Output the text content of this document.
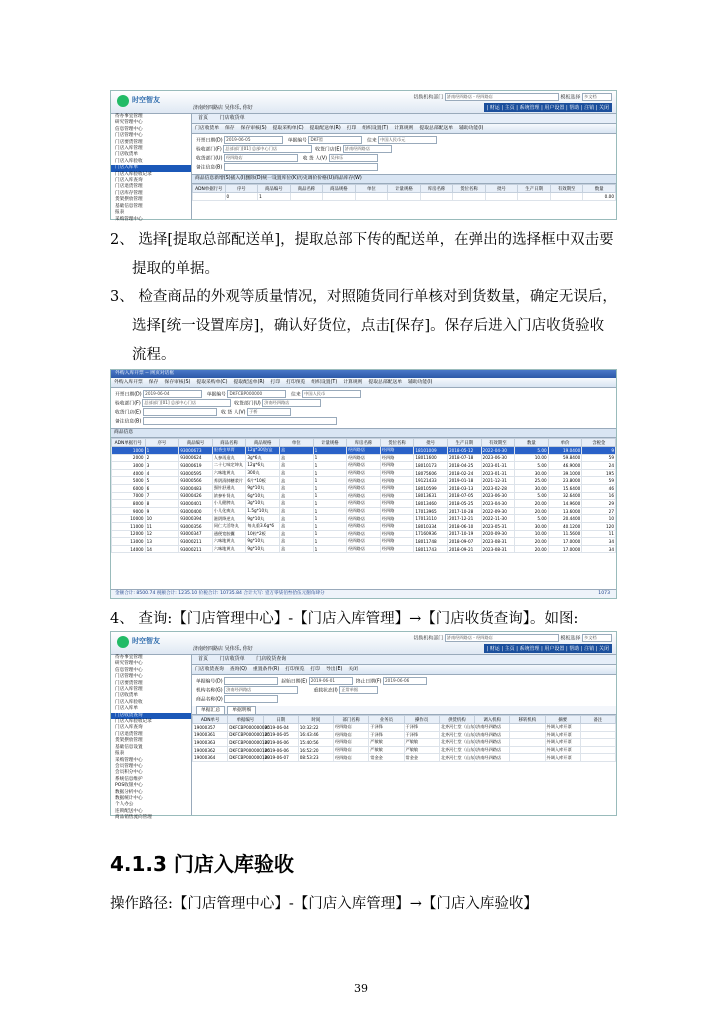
时空智友
济南经四路店 吴伟乐, 你好
切换机构部门 济南经四路店 - 经四路店	模板选择 多文档
| 财运 | 主页 | 系统管理 | 用户设置 | 帮助 | 注销 | 关闭
待办事宜管理
研究管理中心
信息管理中心
门店管理中心
门店要货管理
门店入库管理
门店收货单
门店入库验收
门店入库单
门店入库验收记录
门店入库查询
门店退货管理
门店库存管理
货架摆放管理
基础信息管理
报表
采购管理中心
首页 门店收货单
门店收货单 保存 保存审核(S) 提取采购单(C) 提取配送单(R) 打印 组织设置(T) 计算规则 提取总部配送单 辅助功能(I)
开票日期(D) 2019-06-05	单据编号 DKF暂	往来 中国人民币元
验收部门(F) 总部部门[01] 总部中心门店	收货门店(E) 济南经四路店
收货部门(U) 经四路店	收 货 人(V) 吴伟乐
备注信息(B)
商品信息新增(S)插入(I)删除(D)统一设置库位(K)历史调价价格(U)商品库存(W)
ADN单据行号	序号	商品编号	商品名称	商品规格	单位	计量规格	库房名称	货位名称	批号	生产日期	有效期至	数量
	0	1										0.00
2、 选择[提取总部配送单]，提取总部下传的配送单，在弹出的选择框中双击要
提取的单据。
3、 检查商品的外观等质量情况，对照随货同行单核对到货数量，确定无误后，
选择[统一设置库房]，确认好货位，点击[保存]。保存后进入门店收货验收
流程。
外购入库开票 -- 网页对话框
外购入库开票 保存 保存审核(S) 提取采购单(C) 提取配送单(R) 打印 打印预览 组织设置(T) 计算规则 提取总部配送单 辅助功能(I)
开票日期(D) 2019-06-04	单据编号 DKFCBP000000	往来 中国人民币
验收部门(F) 总部部门[01] 总部中心门店	收货部门(U) 济南经四路店
收货门店(E)	收 货 人(V) 于桥
备注信息(B)
商品信息
ADN单据行号	序号	商品编号	商品名称	商品规格	单位	计量规格	库房名称	货位名称	批号	生产日期	有效期至	数量	单价	含税金
1000	1	93000673	胆香虫草膏	12g*30袋/盒	盒	1	经四路店	经四路	18101009	2018-05-12	2022-04-30	5.00	19.0400	9
2000	2	93000624	人参再造丸	3g*6丸	盒	1	经四路店	经四路	18011600	2018-07-18	2023-06-30	10.00	59.8400	59
3000	3	93000619	二十七味定坤丸	12g*6丸	盒	1	经四路店	经四路	18010173	2018-04-25	2023-01-31	5.00	46.9000	24
4000	4	93000595	六味地黄丸	300丸	盒	1	经四路店	经四路	18075606	2018-02-24	2023-01-31	30.00	39.1000	195
5000	5	93000566	养阴清肺糖浆片	6片*10板	盒	1	经四路店	经四路	19121433	2019-01-18	2021-12-31	25.00	23.8000	59
6000	6	93000483	强针舒通丸	9g*10丸	盒	1	经四路店	经四路	18010599	2018-03-13	2023-02-28	30.00	15.6400	46
7000	7	93000426	浓参补肾丸	6g*10丸	盒	1	经四路店	经四路	18013631	2018-07-05	2023-06-30	5.00	32.6400	16
8000	8	93000401	小儿健脾丸	3g*10丸	盒	1	经四路店	经四路	18013460	2018-05-25	2023-04-30	20.00	14.9600	29
9000	9	93000400	小儿化痰丸	1.5g*10丸	盒	1	经四路店	经四路	17013965	2017-10-28	2022-09-30	20.00	13.6000	27
10000	10	93000394	滋阴降逆丸	9g*10丸	盒	1	经四路店	经四路	17013110	2017-12-21	2022-11-30	5.00	20.4400	10
11000	11	93000356	同仁大活络丸	每丸重3.6g*6	盒	1	经四路店	经四路	18010334	2018-06-10	2023-05-31	30.00	40.1200	120
12000	12	93000347	通便宽胶囊	10粒*2板	盒	1	经四路店	经四路	17160936	2017-10-19	2020-09-30	10.00	11.5600	11
13000	13	93000211	六味地黄丸	9g*10丸	盒	1	经四路店	经四路	18011748	2018-09-07	2023-08-31	20.00	17.0000	34
14000	14	93000211	六味地黄丸	9g*10丸	盒	1	经四路店	经四路	18011743	2018-09-21	2023-08-31	20.00	17.0000	34
金额合计: 8500.74 税额合计: 1235.10 价税合计: 10735.84 合计大写: 壹万零柒佰叁拾伍元捌角肆分	1073
4、 查询:【门店管理中心】-【门店入库管理】→【门店收货查询】。如图:
时空智友
济南经四路店 吴伟乐, 你好
切换机构部门 济南经四路店 - 经四路店	模板选择 多文档
| 财运 | 主页 | 系统管理 | 用户设置 | 帮助 | 注销 | 关闭
待办事宜管理
研究管理中心
信息管理中心
门店管理中心
门店要货管理
门店入库管理
门店收货单
门店入库验收
门店入库单
门店收货查询
门店入库验收记录
门店入库查询
门店退货管理
货架摆放管理
基础信息设置
报表
采购管理中心
会员管理中心
会员积分中心
系统信息维护
POS收银中心
数据分析中心
数据统计中心
个人办公
连锁配送中心
商品销售流向管理
首页 门店收货单 门店收货查询
门店收货查询 查询(Q) 重置条件(R) 打印预览 打印 导出(E) 关闭
单据编号(D)	起始日期(E) 2019-06-01	终止日期(F) 2019-06-06
机构名称(G) 济南经四路店	重载状态(I) 正常单据
商品名称(Q)
单据汇总	单据明细
ADN单号	单据编号	日期	时间	部门名称	业务员	操作员	供货机构	调入机构	移转机构	摘要	备注
19000357	DKFCBP000000095	2019-06-04	10:32:22	经四路店	于泽锋	于泽锋	北齐河仁堂（山东）	济南经四路店		外调入库开票	
19000361	DKFCBP000000105	2019-06-05	16:43:46	经四路店	于泽锋	于泽锋	北齐河仁堂（山东）	济南经四路店		外调入库开票	
19000363	DKFCBP000000107	2019-06-06	15:40:56	经四路店	严敏敏	严敏敏	北齐河仁堂（山东）	济南经四路店		外调入库开票	
19000362	DKFCBP000000106	2019-06-06	16:52:20	经四路店	严敏敏	严敏敏	北齐河仁堂（山东）	济南经四路店		外调入库开票	
19000364	DKFCBP000000109	2019-06-07	08:53:23	经四路店	常金金	常金金	北齐河仁堂（山东）	济南经四路店		外调入库开票	
4.1.3 门店入库验收
操作路径:【门店管理中心】-【门店入库管理】→【门店入库验收】
39
